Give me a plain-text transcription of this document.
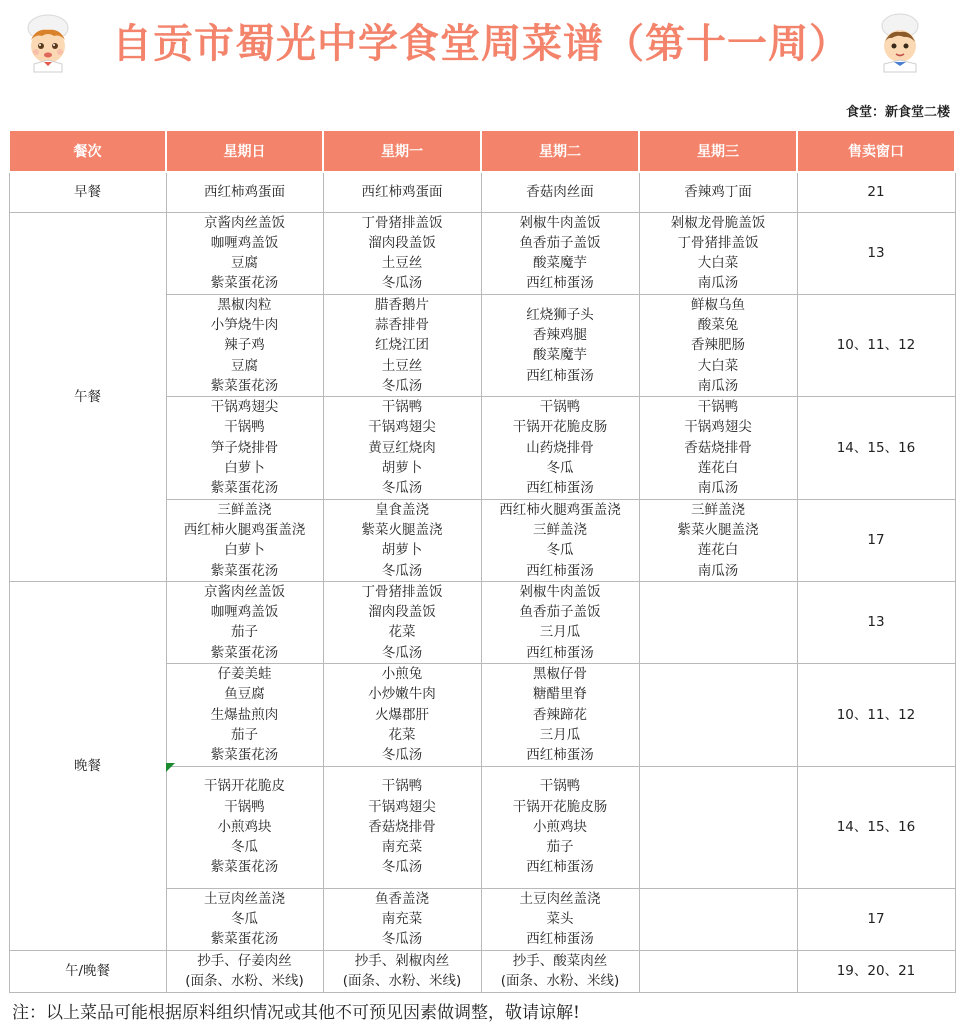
自贡市蜀光中学食堂周菜谱（第十一周）
食堂：新食堂二楼
餐次	星期日	星期一	星期二	星期三	售卖窗口
早餐	西红柿鸡蛋面	西红柿鸡蛋面	香菇肉丝面	香辣鸡丁面	21
午餐	京酱肉丝盖饭
咖喱鸡盖饭
豆腐
紫菜蛋花汤	丁骨猪排盖饭
溜肉段盖饭
土豆丝
冬瓜汤	剁椒牛肉盖饭
鱼香茄子盖饭
酸菜魔芋
西红柿蛋汤	剁椒龙骨脆盖饭
丁骨猪排盖饭
大白菜
南瓜汤	13

	黑椒肉粒
小笋烧牛肉
辣子鸡
豆腐
紫菜蛋花汤	腊香鹅片
蒜香排骨
红烧江团
土豆丝
冬瓜汤	红烧狮子头
香辣鸡腿
酸菜魔芋
西红柿蛋汤	鲜椒乌鱼
酸菜兔
香辣肥肠
大白菜
南瓜汤	10、11、12

	干锅鸡翅尖
干锅鸭
笋子烧排骨
白萝卜
紫菜蛋花汤	干锅鸭
干锅鸡翅尖
黄豆红烧肉
胡萝卜
冬瓜汤	干锅鸭
干锅开花脆皮肠
山药烧排骨
冬瓜
西红柿蛋汤	干锅鸭
干锅鸡翅尖
香菇烧排骨
莲花白
南瓜汤	14、15、16

	三鲜盖浇
西红柿火腿鸡蛋盖浇
白萝卜
紫菜蛋花汤	皇食盖浇
紫菜火腿盖浇
胡萝卜
冬瓜汤	西红柿火腿鸡蛋盖浇
三鲜盖浇
冬瓜
西红柿蛋汤	三鲜盖浇
紫菜火腿盖浇
莲花白
南瓜汤	17
晚餐	京酱肉丝盖饭
咖喱鸡盖饭
茄子
紫菜蛋花汤	丁骨猪排盖饭
溜肉段盖饭
花菜
冬瓜汤	剁椒牛肉盖饭
鱼香茄子盖饭
三月瓜
西红柿蛋汤		13

	仔姜美蛙
鱼豆腐
生爆盐煎肉
茄子
紫菜蛋花汤	小煎兔
小炒嫩牛肉
火爆郡肝
花菜
冬瓜汤	黑椒仔骨
糖醋里脊
香辣蹄花
三月瓜
西红柿蛋汤		10、11、12

	干锅开花脆皮
干锅鸭
小煎鸡块
冬瓜
紫菜蛋花汤	干锅鸭
干锅鸡翅尖
香菇烧排骨
南充菜
冬瓜汤	干锅鸭
干锅开花脆皮肠
小煎鸡块
茄子
西红柿蛋汤		14、15、16

	土豆肉丝盖浇
冬瓜
紫菜蛋花汤	鱼香盖浇
南充菜
冬瓜汤	土豆肉丝盖浇
菜头
西红柿蛋汤		17
午/晚餐	抄手、仔姜肉丝
(面条、水粉、米线)	抄手、剁椒肉丝
(面条、水粉、米线)	抄手、酸菜肉丝
(面条、水粉、米线)		19、20、21
注：以上菜品可能根据原料组织情况或其他不可预见因素做调整，敬请谅解!
